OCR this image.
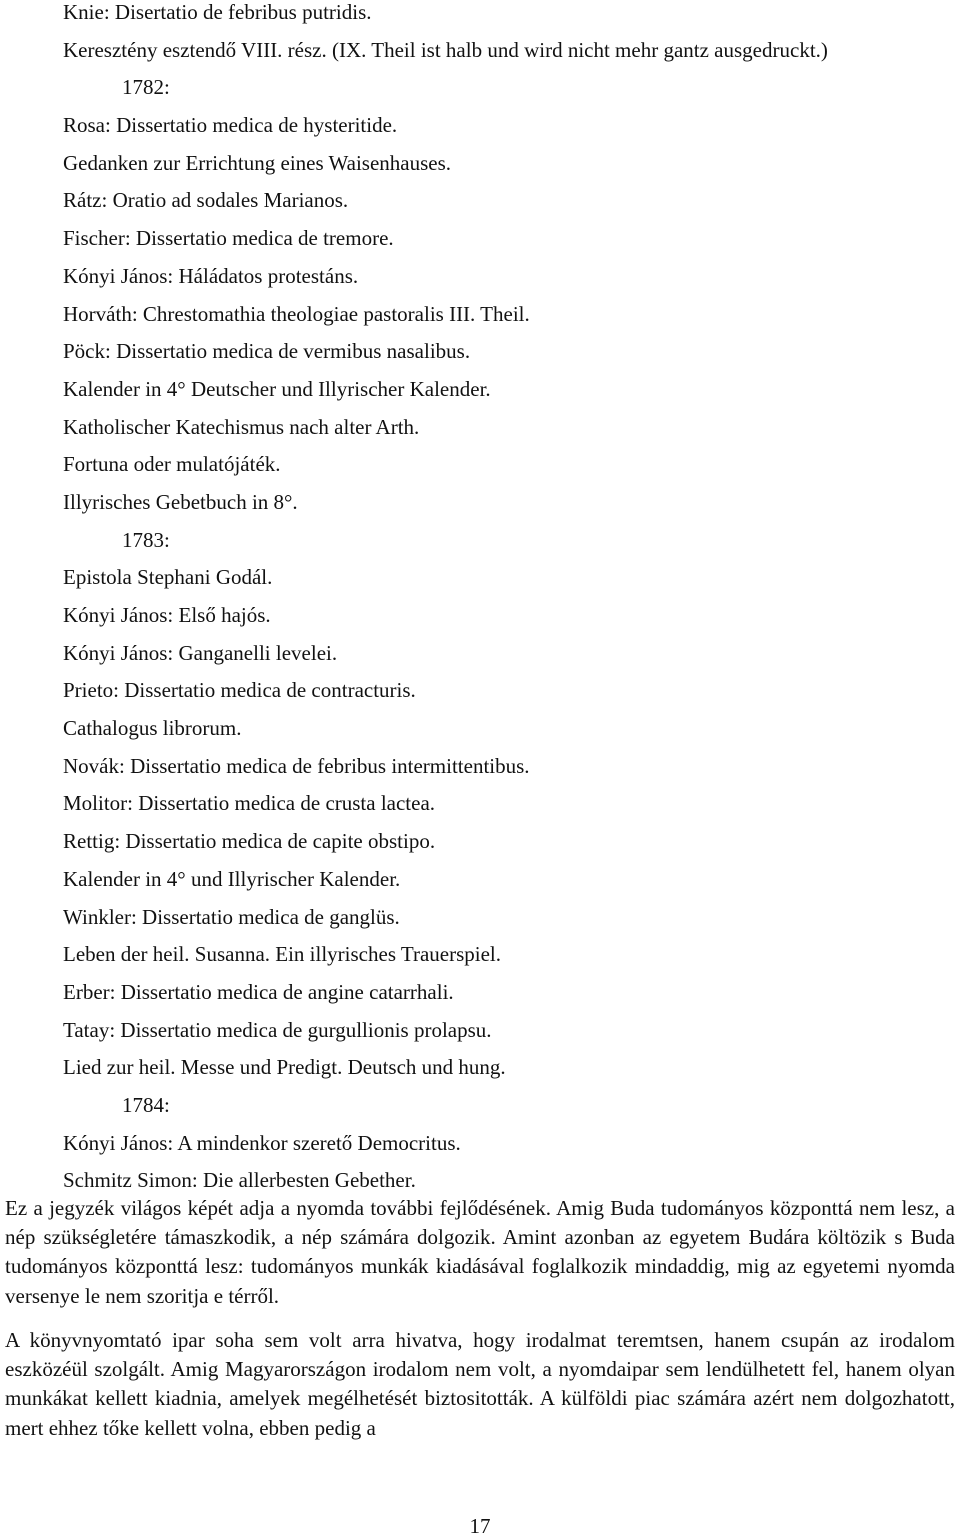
Knie: Disertatio de febribus putridis.
Keresztény esztendő VIII. rész. (IX. Theil ist halb und wird nicht mehr gantz ausgedruckt.)
1782:
Rosa: Dissertatio medica de hysteritide.
Gedanken zur Errichtung eines Waisenhauses.
Rátz: Oratio ad sodales Marianos.
Fischer: Dissertatio medica de tremore.
Kónyi János: Háládatos protestáns.
Horváth: Chrestomathia theologiae pastoralis III. Theil.
Pöck: Dissertatio medica de vermibus nasalibus.
Kalender in 4° Deutscher und Illyrischer Kalender.
Katholischer Katechismus nach alter Arth.
Fortuna oder mulatójáték.
Illyrisches Gebetbuch in 8°.
1783:
Epistola Stephani Godál.
Kónyi János: Első hajós.
Kónyi János: Ganganelli levelei.
Prieto: Dissertatio medica de contracturis.
Cathalogus librorum.
Novák: Dissertatio medica de febribus intermittentibus.
Molitor: Dissertatio medica de crusta lactea.
Rettig: Dissertatio medica de capite obstipo.
Kalender in 4° und Illyrischer Kalender.
Winkler: Dissertatio medica de ganglüs.
Leben der heil. Susanna. Ein illyrisches Trauerspiel.
Erber: Dissertatio medica de angine catarrhali.
Tatay: Dissertatio medica de gurgullionis prolapsu.
Lied zur heil. Messe und Predigt. Deutsch und hung.
1784:
Kónyi János: A mindenkor szerető Democritus.
Schmitz Simon: Die allerbesten Gebether.

Ez a jegyzék világos képét adja a nyomda további fejlődésének. Amig Buda tudományos központtá nem lesz, a nép szükségletére támaszkodik, a nép számára dolgozik. Amint azonban az egyetem Budára költözik s Buda tudományos központtá lesz: tudományos munkák kiadásával foglalkozik mindaddig, mig az egyetemi nyomda versenye le nem szoritja e térről.

A könyvnyomtató ipar soha sem volt arra hivatva, hogy irodalmat teremtsen, hanem csupán az irodalom eszközéül szolgált. Amig Magyarországon irodalom nem volt, a nyomdaipar sem lendülhetett fel, hanem olyan munkákat kellett kiadnia, amelyek megélhetését biztositották. A külföldi piac számára azért nem dolgozhatott, mert ehhez tőke kellett volna, ebben pedig a

17
